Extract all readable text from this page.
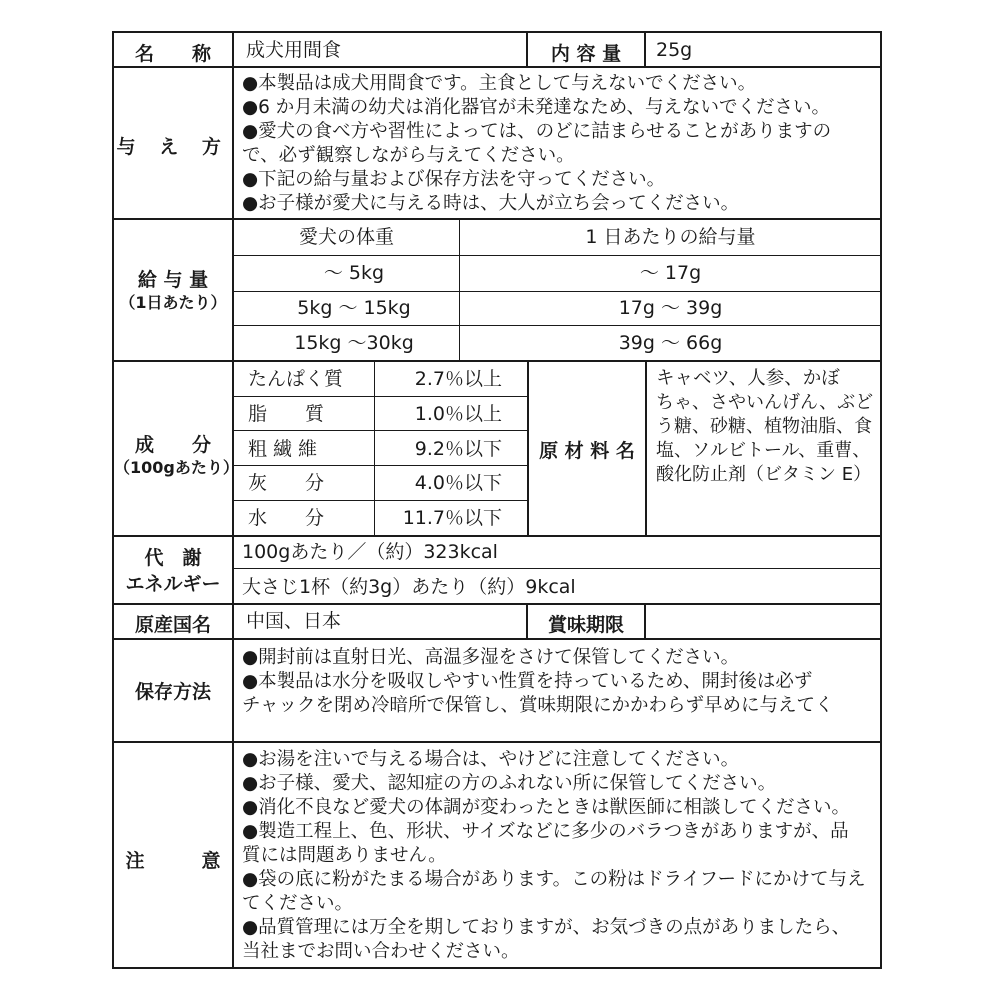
名　　称	成犬用間食	内 容 量	25g
与 え 方
●本製品は成犬用間食です。主食として与えないでください。
●6 か月未満の幼犬は消化器官が未発達なため、与えないでください。
●愛犬の食べ方や習性によっては、のどに詰まらせることがありますの
で、必ず観察しながら与えてください。
●下記の給与量および保存方法を守ってください。
●お子様が愛犬に与える時は、大人が立ち会ってください。
給 与 量
（1日あたり）
愛犬の体重	1 日あたりの給与量
～ 5kg	～ 17g
5kg ～ 15kg	17g ～ 39g
15kg ～30kg	39g ～ 66g
成　　分
（100gあたり）
たんぱく質	2.7％以上
脂　　質	1.0％以上
粗 繊 維	9.2％以下
灰　　分	4.0％以下
水　　分	11.7％以下
原 材 料 名
キャベツ、人参、かぼ
ちゃ、さやいんげん、ぶど
う糖、砂糖、植物油脂、食
塩、ソルビトール、重曹、
酸化防止剤（ビタミン E）
代　謝
エネルギー
100gあたり／（約）323kcal
大さじ1杯（約3g）あたり（約）9kcal
原産国名	中国、日本	賞味期限
保存方法
●開封前は直射日光、高温多湿をさけて保管してください。
●本製品は水分を吸収しやすい性質を持っているため、開封後は必ず
チャックを閉め冷暗所で保管し、賞味期限にかかわらず早めに与えてく
注　　　意
●お湯を注いで与える場合は、やけどに注意してください。
●お子様、愛犬、認知症の方のふれない所に保管してください。
●消化不良など愛犬の体調が変わったときは獣医師に相談してください。
●製造工程上、色、形状、サイズなどに多少のバラつきがありますが、品
質には問題ありません。
●袋の底に粉がたまる場合があります。この粉はドライフードにかけて与え
てください。
●品質管理には万全を期しておりますが、お気づきの点がありましたら、
当社までお問い合わせください。
